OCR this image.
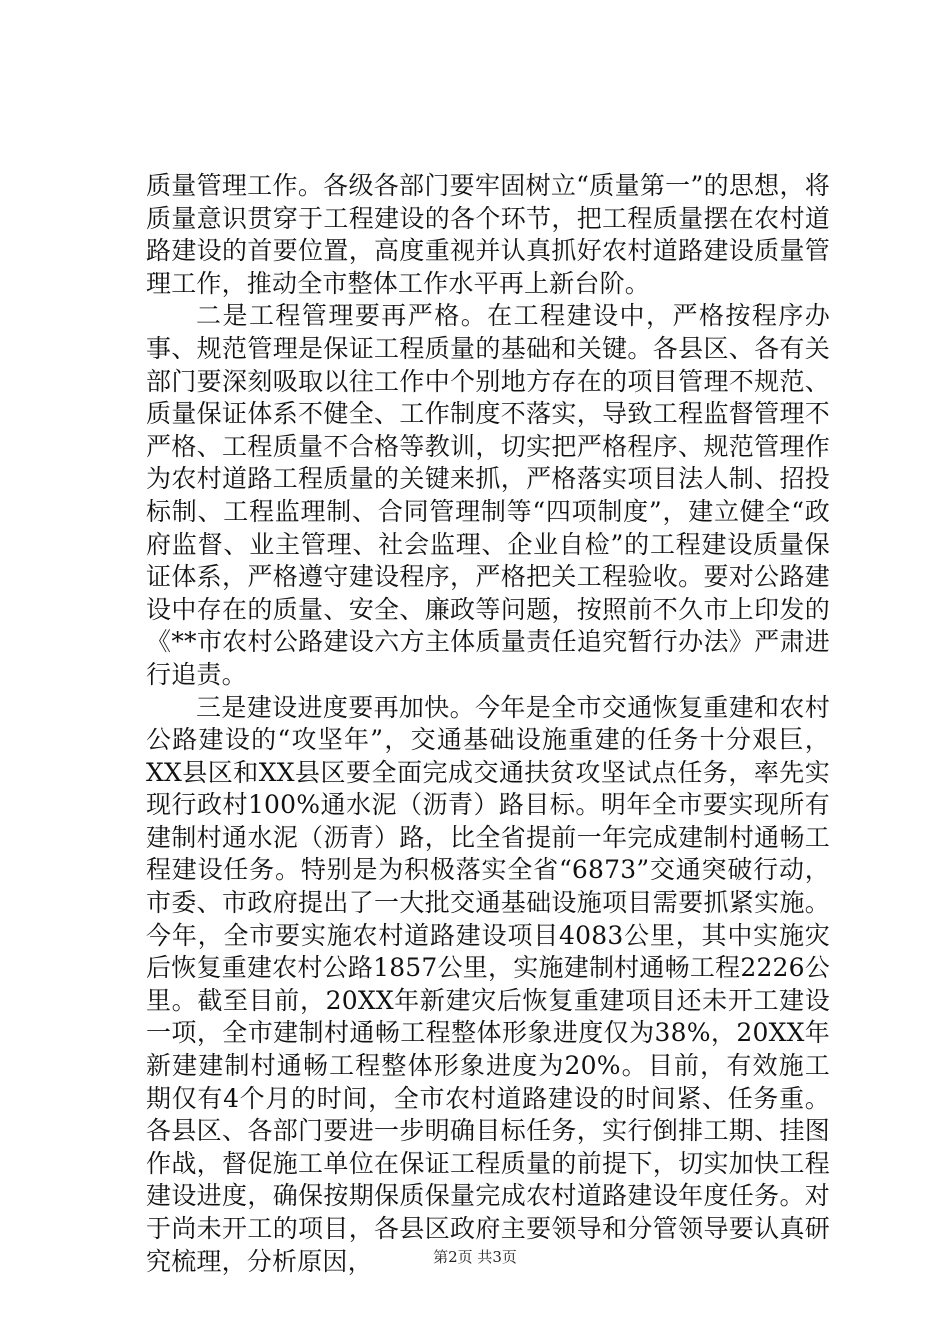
质量管理工作。各级各部门要牢固树立“质量第一”的思想，将质量意识贯穿于工程建设的各个环节，把工程质量摆在农村道路建设的首要位置，高度重视并认真抓好农村道路建设质量管理工作，推动全市整体工作水平再上新台阶。

二是工程管理要再严格。在工程建设中，严格按程序办事、规范管理是保证工程质量的基础和关键。各县区、各有关部门要深刻吸取以往工作中个别地方存在的项目管理不规范、质量保证体系不健全、工作制度不落实，导致工程监督管理不严格、工程质量不合格等教训，切实把严格程序、规范管理作为农村道路工程质量的关键来抓，严格落实项目法人制、招投标制、工程监理制、合同管理制等“四项制度”，建立健全“政府监督、业主管理、社会监理、企业自检”的工程建设质量保证体系，严格遵守建设程序，严格把关工程验收。要对公路建设中存在的质量、安全、廉政等问题，按照前不久市上印发的《**市农村公路建设六方主体质量责任追究暂行办法》严肃进行追责。

三是建设进度要再加快。今年是全市交通恢复重建和农村公路建设的“攻坚年”，交通基础设施重建的任务十分艰巨，XX县区和XX县区要全面完成交通扶贫攻坚试点任务，率先实现行政村100%通水泥（沥青）路目标。明年全市要实现所有建制村通水泥（沥青）路，比全省提前一年完成建制村通畅工程建设任务。特别是为积极落实全省“6873”交通突破行动，市委、市政府提出了一大批交通基础设施项目需要抓紧实施。今年，全市要实施农村道路建设项目4083公里，其中实施灾后恢复重建农村公路1857公里，实施建制村通畅工程2226公里。截至目前，20XX年新建灾后恢复重建项目还未开工建设一项，全市建制村通畅工程整体形象进度仅为38%，20XX年新建建制村通畅工程整体形象进度为20%。目前，有效施工期仅有4个月的时间，全市农村道路建设的时间紧、任务重。各县区、各部门要进一步明确目标任务，实行倒排工期、挂图作战，督促施工单位在保证工程质量的前提下，切实加快工程建设进度，确保按期保质保量完成农村道路建设年度任务。对于尚未开工的项目，各县区政府主要领导和分管领导要认真研究梳理，分析原因，	第2页 共3页
